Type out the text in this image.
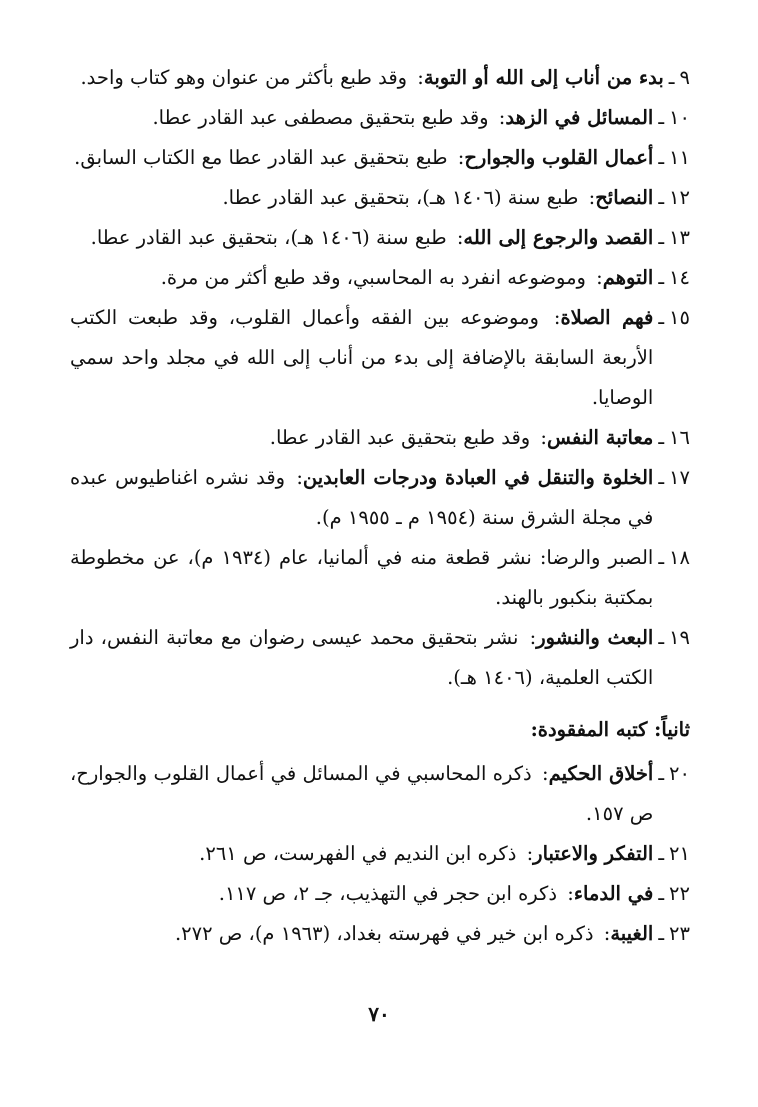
٩
ـ
بدء من أناب إلى الله أو التوبة: وقد طبع بأكثر من عنوان وهو كتاب واحد.
١٠
ـ
المسائل في الزهد: وقد طبع بتحقيق مصطفى عبد القادر عطا.
١١
ـ
أعمال القلوب والجوارح: طبع بتحقيق عبد القادر عطا مع الكتاب السابق.
١٢
ـ
النصائح: طبع سنة (١٤٠٦ هـ)، بتحقيق عبد القادر عطا.
١٣
ـ
القصد والرجوع إلى الله: طبع سنة (١٤٠٦ هـ)، بتحقيق عبد القادر عطا.
١٤
ـ
التوهم: وموضوعه انفرد به المحاسبي، وقد طبع أكثر من مرة.
١٥
ـ
فهم الصلاة: وموضوعه بين الفقه وأعمال القلوب، وقد طبعت الكتب الأربعة السابقة بالإضافة إلى بدء من أناب إلى الله في مجلد واحد سمي الوصايا.
١٦
ـ
معاتبة النفس: وقد طبع بتحقيق عبد القادر عطا.
١٧
ـ
الخلوة والتنقل في العبادة ودرجات العابدين: وقد نشره اغناطيوس عبده في مجلة الشرق سنة (١٩٥٤ م ـ ١٩٥٥ م).
١٨
ـ
الصبر والرضا: نشر قطعة منه في ألمانيا، عام (١٩٣٤ م)، عن مخطوطة بمكتبة بنكبور بالهند.
١٩
ـ
البعث والنشور: نشر بتحقيق محمد عيسى رضوان مع معاتبة النفس، دار الكتب العلمية، (١٤٠٦ هـ).
ثانياً: كتبه المفقودة:
٢٠
ـ
أخلاق الحكيم: ذكره المحاسبي في المسائل في أعمال القلوب والجوارح، ص ١٥٧.
٢١
ـ
التفكر والاعتبار: ذكره ابن النديم في الفهرست، ص ٢٦١.
٢٢
ـ
في الدماء: ذكره ابن حجر في التهذيب، جـ ٢، ص ١١٧.
٢٣
ـ
الغيبة: ذكره ابن خير في فهرسته بغداد، (١٩٦٣ م)، ص ٢٧٢.
٧٠
